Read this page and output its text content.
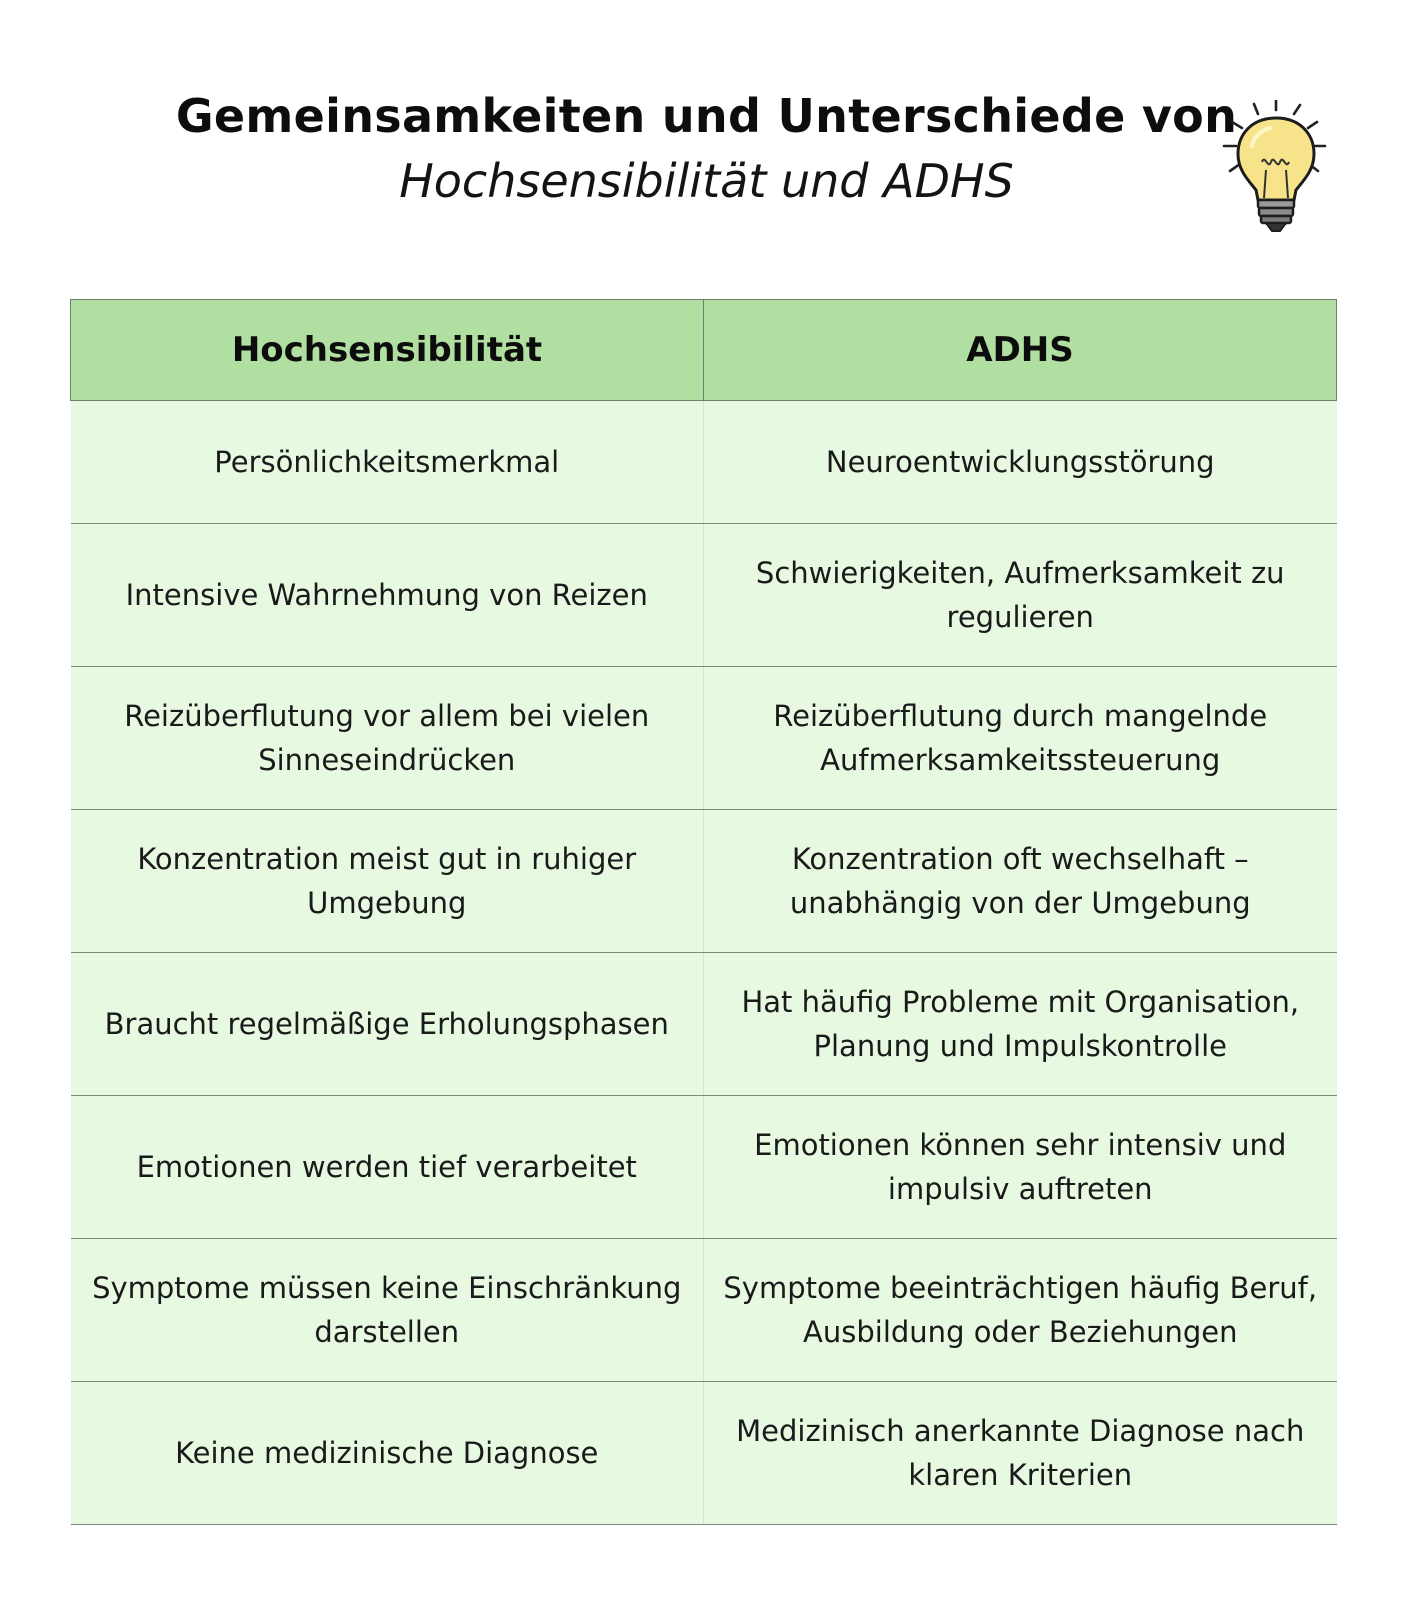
Gemeinsamkeiten und Unterschiede von
Hochsensibilität und ADHS
Hochsensibilität	ADHS
Persönlichkeitsmerkmal	Neuroentwicklungsstörung
Intensive Wahrnehmung von Reizen	Schwierigkeiten, Aufmerksamkeit zu regulieren
Reizüberflutung vor allem bei vielen Sinneseindrücken	Reizüberflutung durch mangelnde Aufmerksamkeitssteuerung
Konzentration meist gut in ruhiger Umgebung	Konzentration oft wechselhaft – unabhängig von der Umgebung
Braucht regelmäßige Erholungsphasen	Hat häufig Probleme mit Organisation, Planung und Impulskontrolle
Emotionen werden tief verarbeitet	Emotionen können sehr intensiv und impulsiv auftreten
Symptome müssen keine Einschränkung darstellen	Symptome beeinträchtigen häufig Beruf, Ausbildung oder Beziehungen
Keine medizinische Diagnose	Medizinisch anerkannte Diagnose nach klaren Kriterien
